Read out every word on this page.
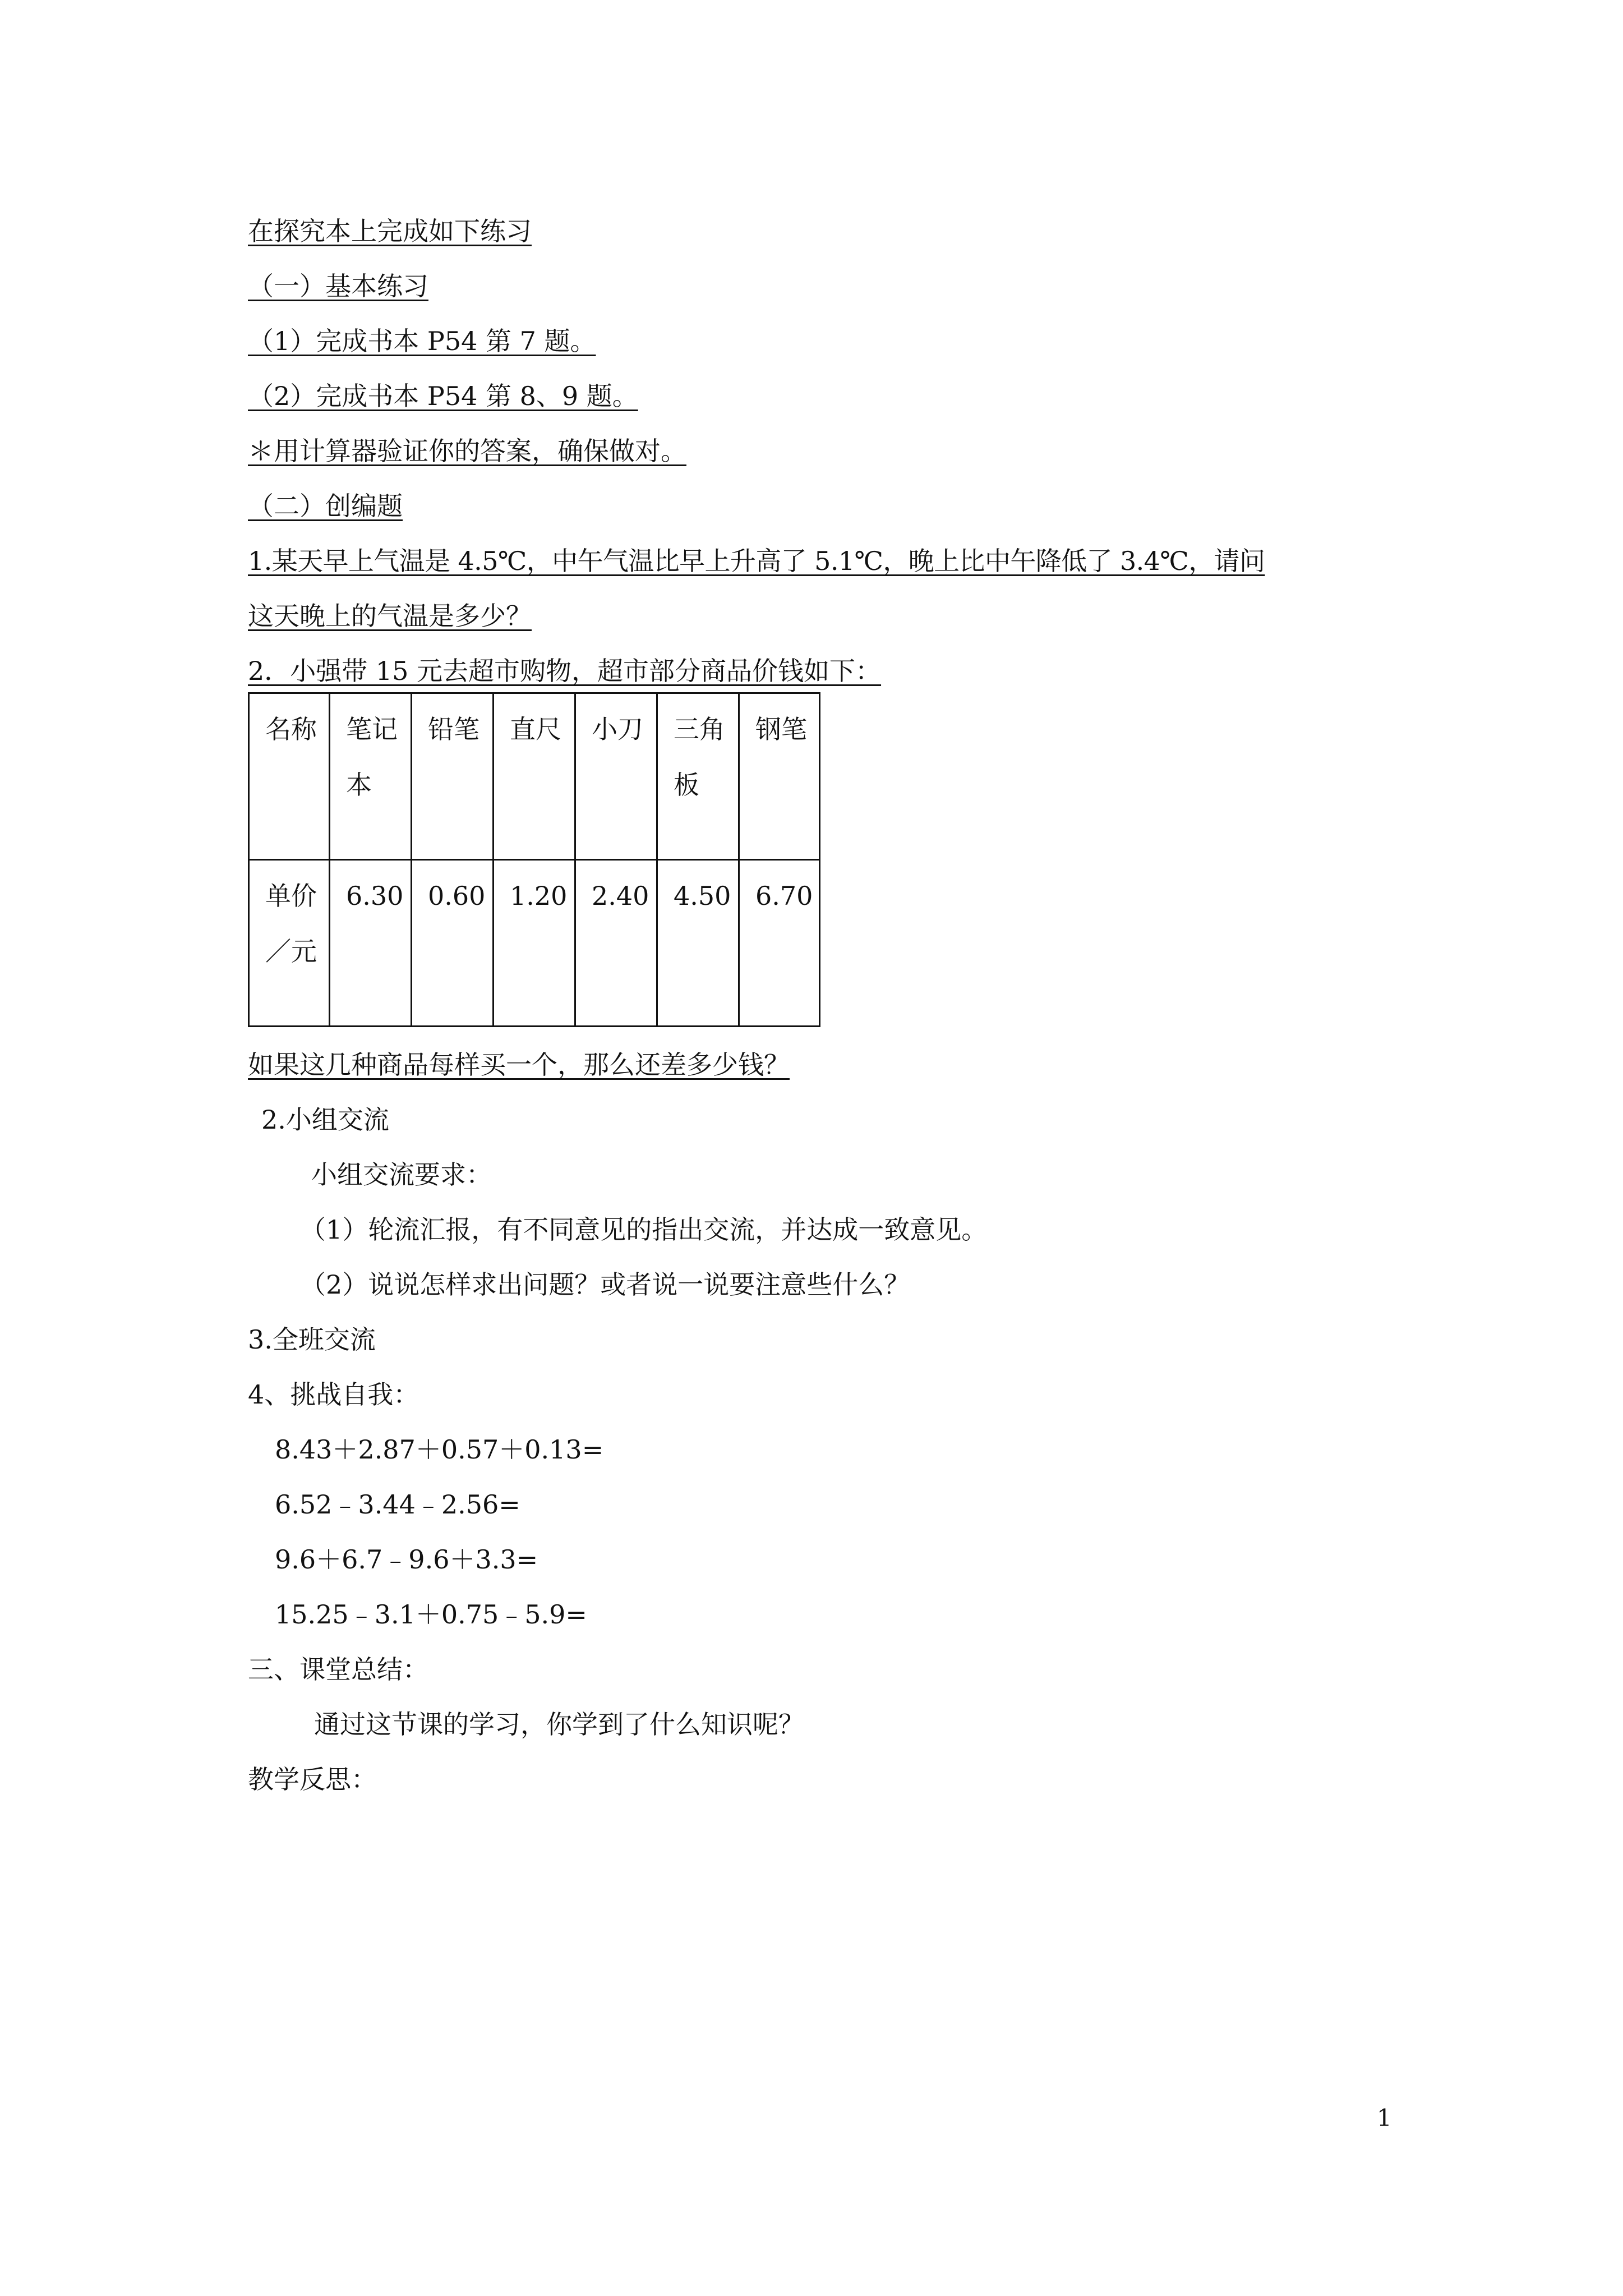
在探究本上完成如下练习

（一）基本练习

（1）完成书本 P54 第 7 题。

（2）完成书本 P54 第 8、9 题。

＊用计算器验证你的答案，确保做对。

（二）创编题

1.某天早上气温是 4.5℃，中午气温比早上升高了 5.1℃，晚上比中午降低了 3.4℃，请问

这天晚上的气温是多少？

2．小强带 15 元去超市购物，超市部分商品价钱如下：

名称	笔记本	铅笔	直尺	小刀	三角板	钢笔
单价／元	6.30	0.60	1.20	2.40	4.50	6.70

如果这几种商品每样买一个，那么还差多少钱？

2.小组交流

小组交流要求：

（1）轮流汇报，有不同意见的指出交流，并达成一致意见。

（2）说说怎样求出问题？或者说一说要注意些什么？

3.全班交流

4、挑战自我：

8.43＋2.87＋0.57＋0.13=

6.52﹣3.44﹣2.56=

9.6＋6.7﹣9.6＋3.3=

15.25﹣3.1＋0.75﹣5.9=

三、课堂总结：

通过这节课的学习，你学到了什么知识呢？

教学反思：

1
